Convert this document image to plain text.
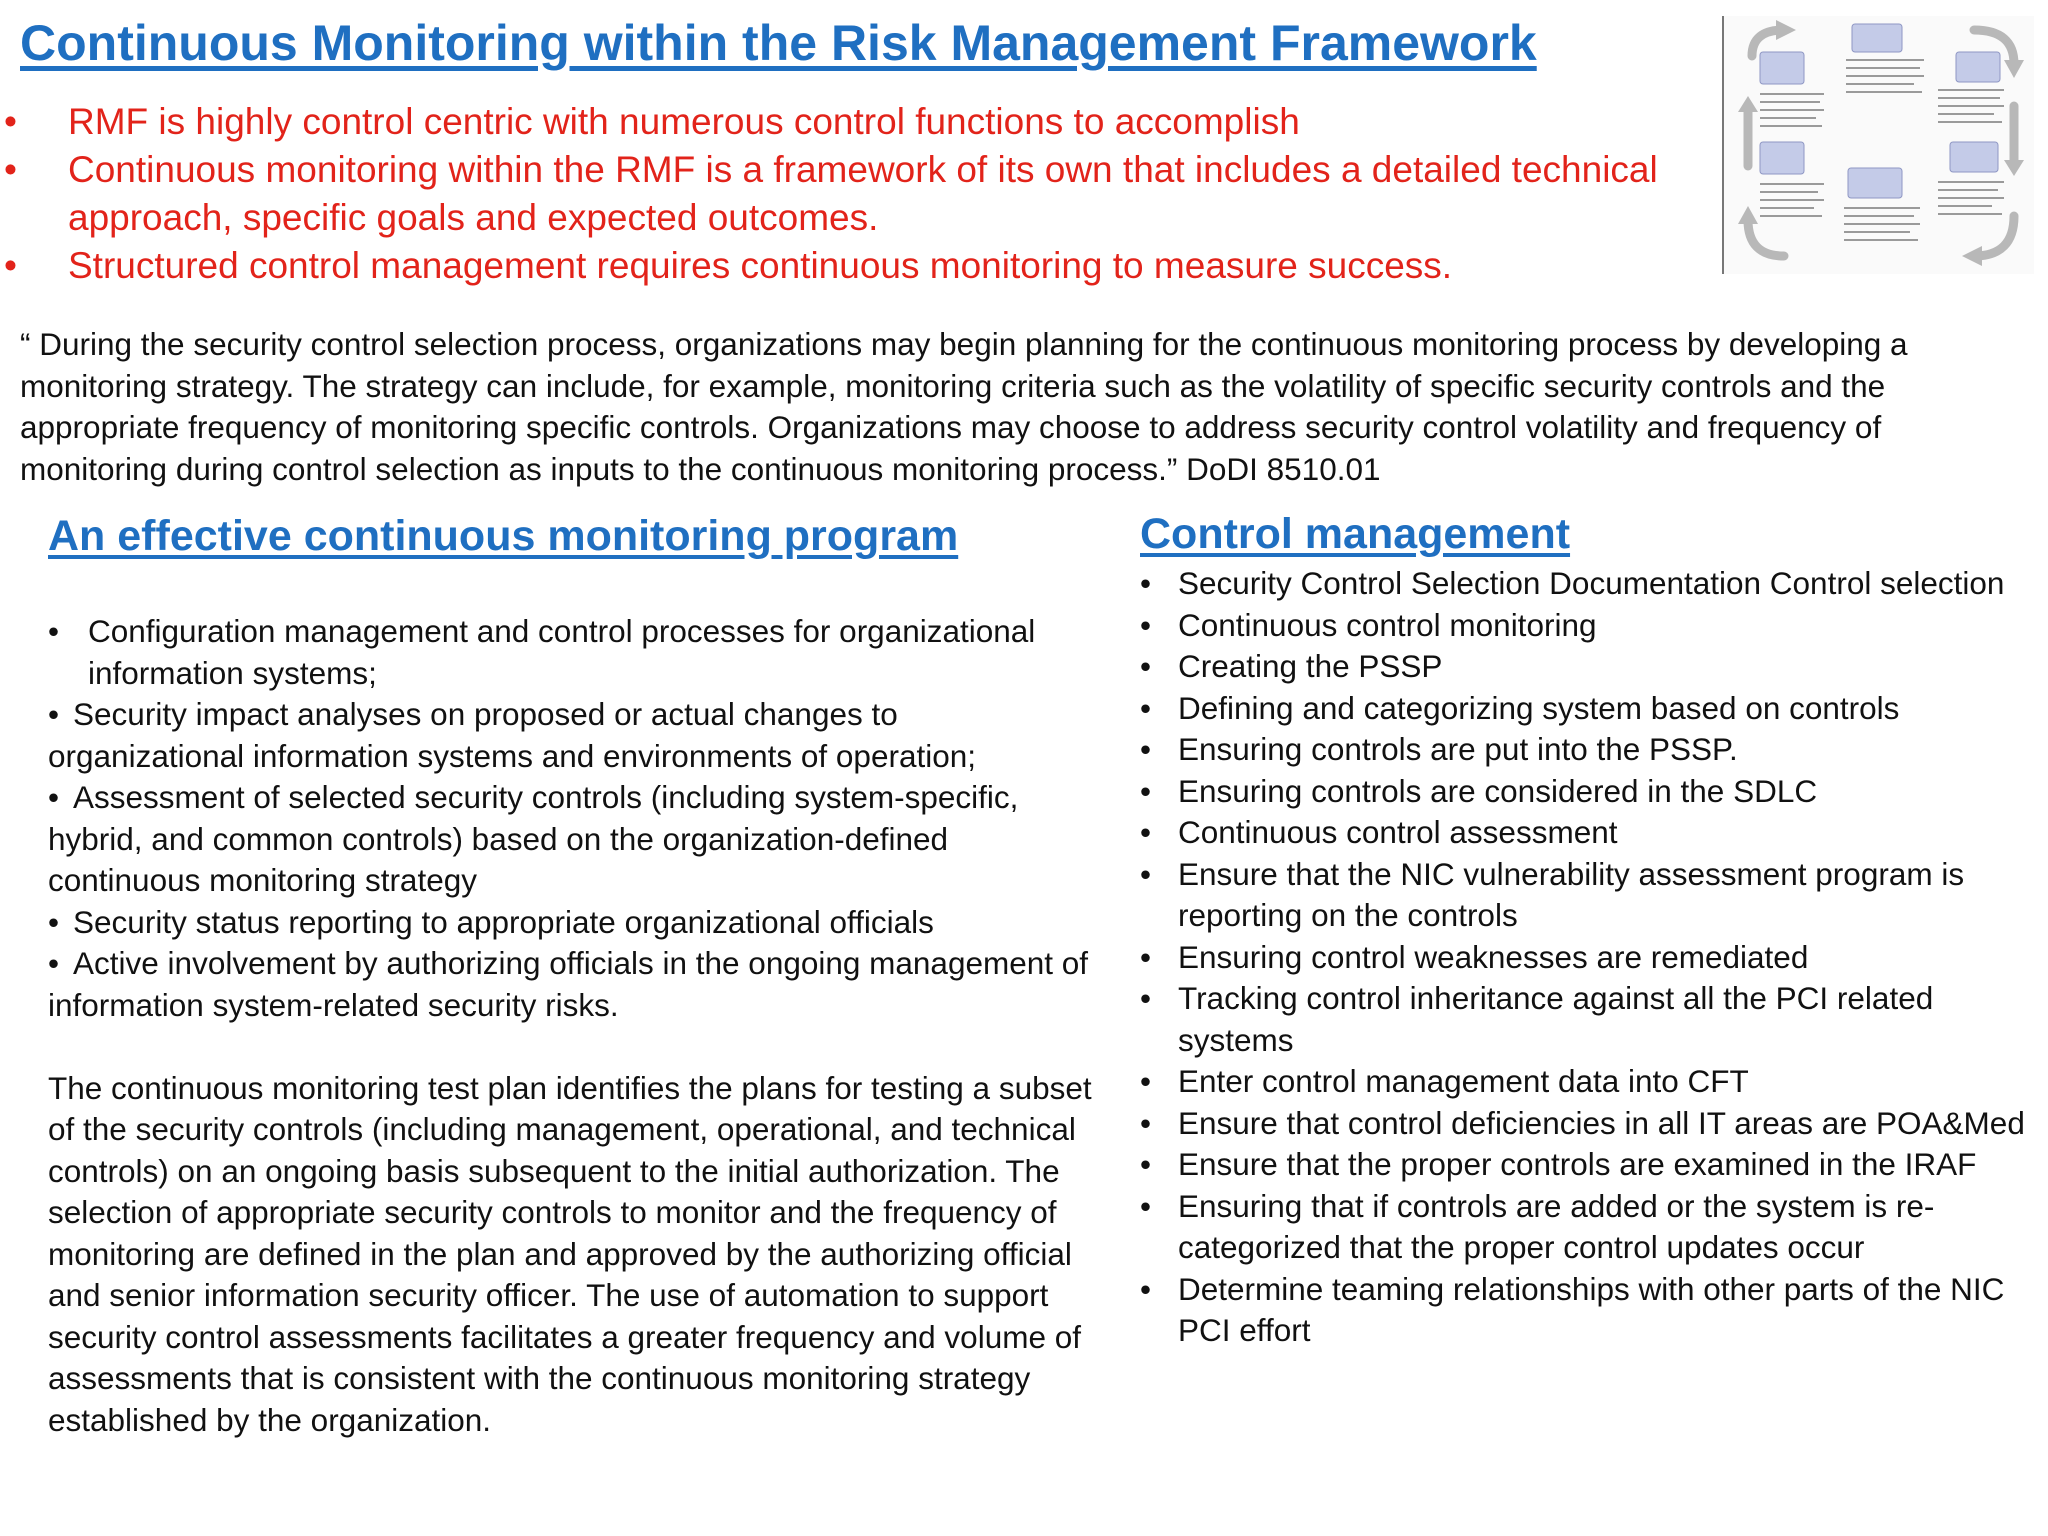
Continuous Monitoring within the Risk Management Framework
• RMF is highly control centric with numerous control functions to accomplish
• Continuous monitoring within the RMF is a framework of its own that includes a detailed technical approach, specific goals and expected outcomes.
• Structured control management requires continuous monitoring to measure success.

“ During the security control selection process, organizations may begin planning for the continuous monitoring process by developing a monitoring strategy. The strategy can include, for example, monitoring criteria such as the volatility of specific security controls and the appropriate frequency of monitoring specific controls. Organizations may choose to address security control volatility and frequency of monitoring during control selection as inputs to the continuous monitoring process.” DoDI 8510.01

An effective continuous monitoring program
• Configuration management and control processes for organizational information systems;
• Security impact analyses on proposed or actual changes to organizational information systems and environments of operation;
• Assessment of selected security controls (including system-specific, hybrid, and common controls) based on the organization-defined continuous monitoring strategy
• Security status reporting to appropriate organizational officials
• Active involvement by authorizing officials in the ongoing management of information system-related security risks.

The continuous monitoring test plan identifies the plans for testing a subset of the security controls (including management, operational, and technical controls) on an ongoing basis subsequent to the initial authorization. The selection of appropriate security controls to monitor and the frequency of monitoring are defined in the plan and approved by the authorizing official and senior information security officer. The use of automation to support security control assessments facilitates a greater frequency and volume of assessments that is consistent with the continuous monitoring strategy established by the organization.

Control management
• Security Control Selection Documentation Control selection
• Continuous control monitoring
• Creating the PSSP
• Defining and categorizing system based on controls
• Ensuring controls are put into the PSSP.
• Ensuring controls are considered in the SDLC
• Continuous control assessment
• Ensure that the NIC vulnerability assessment program is reporting on the controls
• Ensuring control weaknesses are remediated
• Tracking control inheritance against all the PCI related systems
• Enter control management data into CFT
• Ensure that control deficiencies in all IT areas are POA&Med
• Ensure that the proper controls are examined in the IRAF
• Ensuring that if controls are added or the system is re-categorized that the proper control updates occur
• Determine teaming relationships with other parts of the NIC PCI effort
